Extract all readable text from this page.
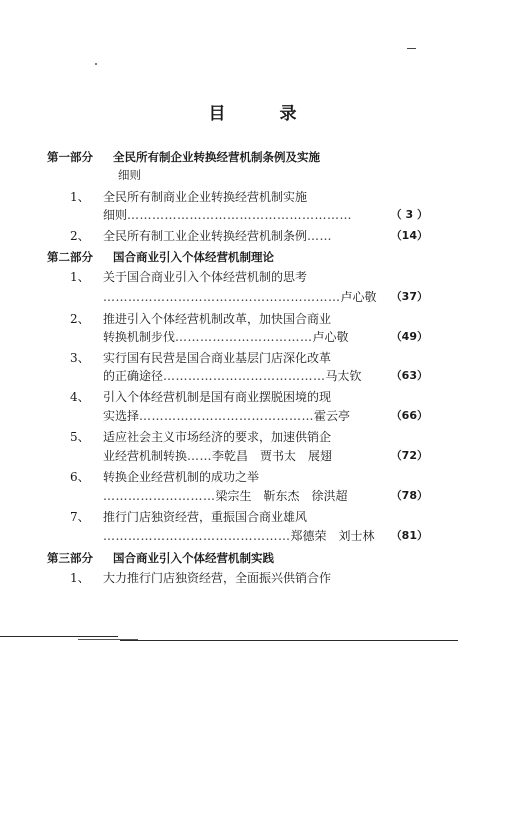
目 录
第一部分 全民所有制企业转换经营机制条例及实施
细则
1、 全民所有制商业企业转换经营机制实施
细则………………………………………………	（ 3 ）
2、 全民所有制工业企业转换经营机制条例……	（14）
第二部分 国合商业引入个体经营机制理论
1、 关于国合商业引入个体经营机制的思考
…………………………………………………卢心敬 （37）
2、 推进引入个体经营机制改革，加快国合商业
转换机制步伐……………………………卢心敬	（49）
3、 实行国有民营是国合商业基层门店深化改革
的正确途径…………………………………马太钦	（63）
4、 引入个体经营机制是国有商业摆脱困境的现
实选择……………………………………霍云亭	（66）
5、 适应社会主义市场经济的要求，加速供销企
业经营机制转换……李乾昌　贾书太　展翅	（72）
6、 转换企业经营机制的成功之举
………………………梁宗生　靳东杰　徐洪超	（78）
7、 推行门店独资经营，重振国合商业雄风
………………………………………郑德荣　刘士林 （81）
第三部分 国合商业引入个体经营机制实践
1、 大力推行门店独资经营，全面振兴供销合作
